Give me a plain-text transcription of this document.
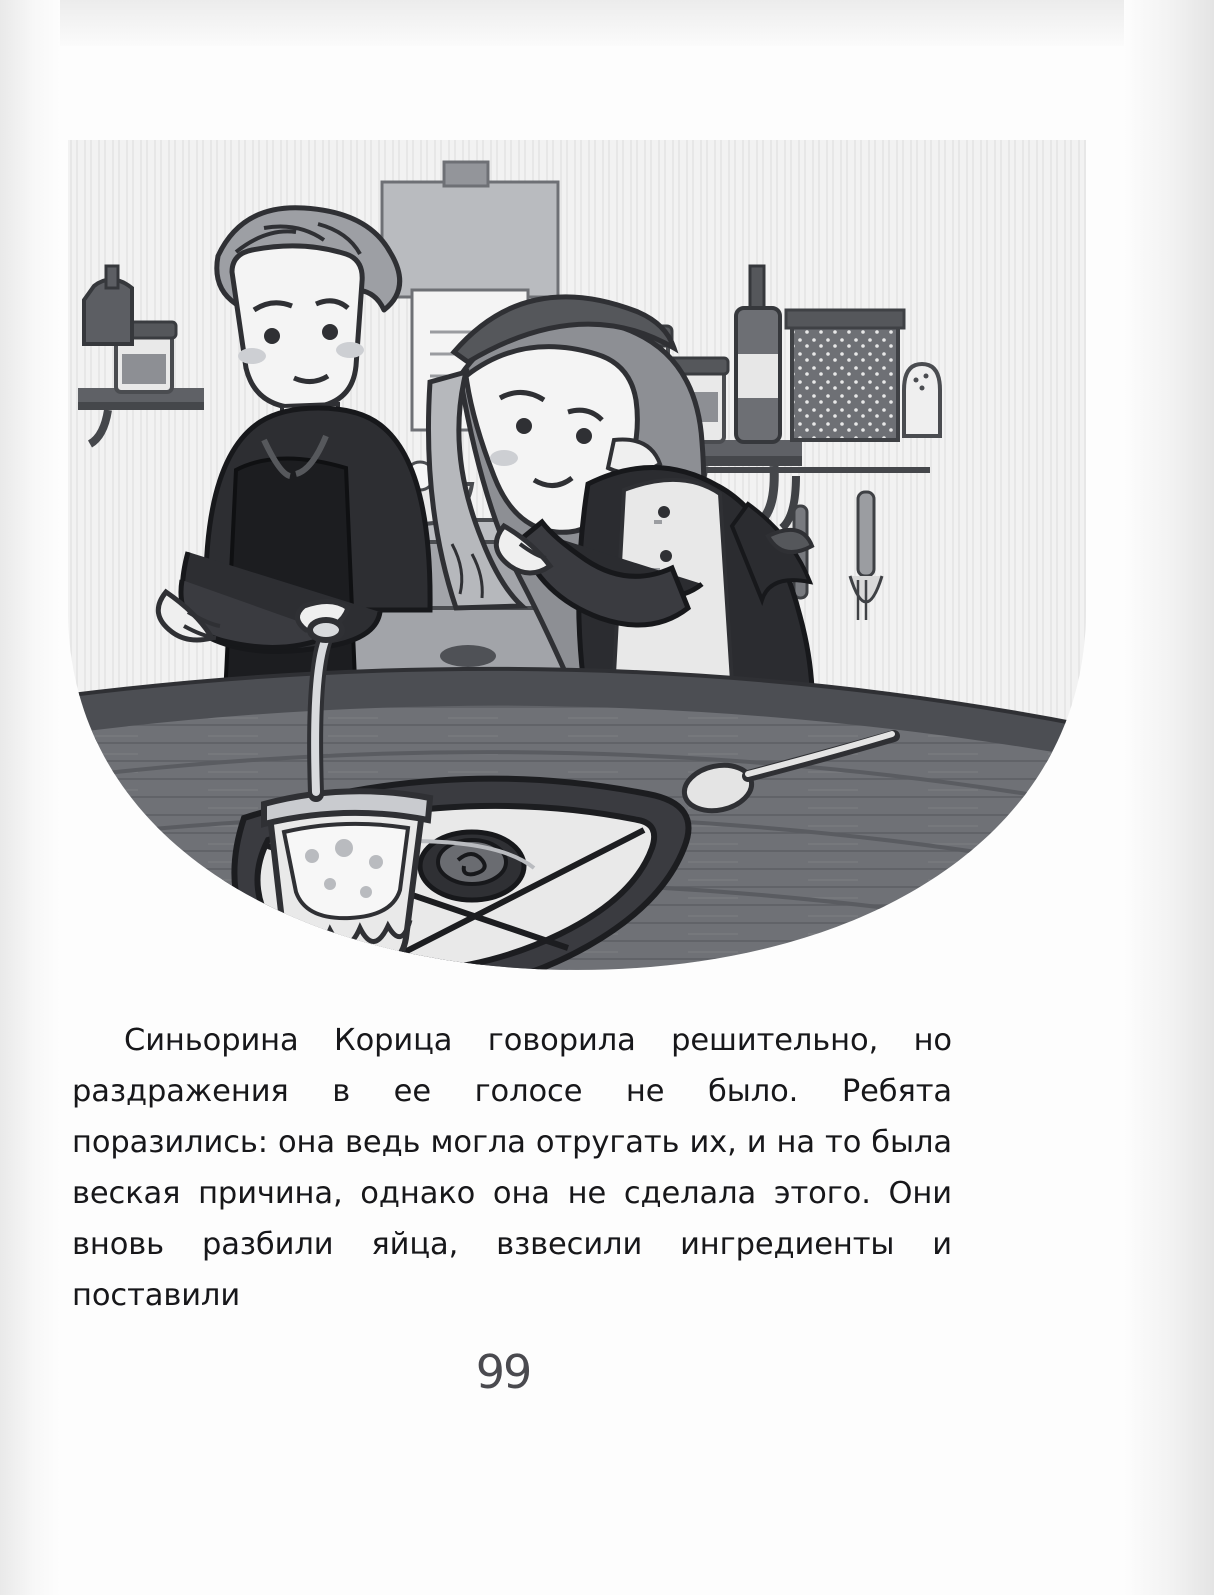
Синьорина Корица говорила решительно, но раздражения в ее голосе не было. Ребята поразились: она ведь могла отругать их, и на то была веская причина, однако она не сделала этого. Они вновь разбили яйца, взвесили ингредиенты и поставили
99
